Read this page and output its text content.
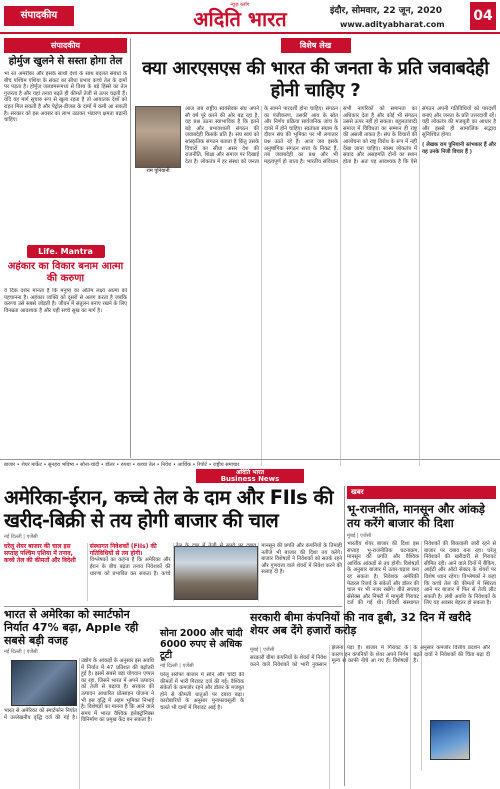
संपादकीय
न्यूज़ ब्लॉग
अदिति भारत	इंदौर, सोमवार, 22 जून, 2020
www.adityabharat.com
04
संपादकीय
होर्मुज खुलने से सस्ता होगा तेल
भा रत अमरीका और इसके साथी देशों के साथ बदलते संबंधों के बीच पश्चिम एशिया के संकट का सीधा प्रभाव कच्चे तेल के दामों पर पड़ता है। होर्मुज जलडमरूमध्य से विश्व के बड़े हिस्से का तेल गुजरता है और यहां तनाव बढ़ते ही कीमतें तेजी से ऊपर चढ़ती हैं। यदि यह मार्ग सुचारु रूप से खुला रहता है तो आयातक देशों को राहत मिल सकती है और पेट्रोल-डीजल के दामों में कमी आ सकती है। सरकार को इस अवसर का लाभ उठाकर भंडारण क्षमता बढ़ानी चाहिए।
Life. Mantra
अहंकार का विकार बनाम आत्मा की करुणा
वे दिक दर्शन मानता है कि मनुष्य का अंतिम लक्ष्य आत्मा को पहचानना है। अहंकार व्यक्ति को दूसरों से अलग करता है जबकि करुणा उसे सबसे जोड़ती है। जीवन में संतुलन बनाए रखने के लिए विनम्रता आवश्यक है और यही सच्चे सुख का मार्ग है।
विशेष लेख
क्या आरएसएस की भारत की जनता के प्रति जवाबदेही होनी चाहिए ?
राम पुनियानी
आज जब राष्ट्रीय स्वयंसेवक संघ अपने सौ वर्ष पूरे करने की ओर बढ़ रहा है, यह प्रश्न उठना स्वाभाविक है कि इतने बड़े और प्रभावशाली संगठन की जवाबदेही किसके प्रति है। संघ स्वयं को सांस्कृतिक संगठन बताता है किंतु उसके विचारों का सीधा असर देश की राजनीति, शिक्षा और समाज पर दिखाई देता है। लोकतंत्र में हर संस्था को जनता के सामने पारदर्शी होना चाहिए। संगठन का पंजीकरण, उसकी आय के स्रोत और निर्णय प्रक्रिया सार्वजनिक जांच के दायरे में होने चाहिए। स्वतंत्रता संग्राम के दौरान संघ की भूमिका पर भी लगातार प्रश्न उठते रहे हैं। आज जब इसके अनुषांगिक संगठन सत्ता के निकट हैं, तब जवाबदेही का प्रश्न और भी महत्वपूर्ण हो जाता है। भारतीय संविधान सभी नागरिकों को समानता का अधिकार देता है और कोई भी संगठन उससे ऊपर नहीं हो सकता। बहुलतावादी समाज में विविधता का सम्मान ही राष्ट्र की असली ताकत है। संघ के विचारों की आलोचना को राष्ट्र विरोध के रूप में नहीं देखा जाना चाहिए। स्वस्थ लोकतंत्र में संवाद और असहमति दोनों का स्थान होता है। अतः यह आवश्यक है कि ऐसे संगठन अपनी गतिविधियों को पारदर्शी बनाएं और जनता के प्रति उत्तरदायी रहें। यही लोकतंत्र की मजबूती का आधार है और इससे ही सामाजिक सद्भाव सुनिश्चित होगा।
( लेखक राम पुनियानी स्तंभकार हैं और यह उनके निजी विचार हैं )
बाजार • शेयर मार्केट • सुनहरा भविष्य • सोना-चांदी • डॉलर • रुपया • कच्चा तेल • निवेश • आर्थिक • रिपोर्ट • राष्ट्रीय समाचार
अदिति भारत
Business News
अमेरिका-ईरान, कच्चे तेल के दाम और FIIs की खरीद-बिक्री से तय होगी बाजार की चाल
नई दिल्ली | एजेंसी
घरेलू शेयर बाजार की चाल इस सप्ताह पश्चिम एशिया में तनाव, कच्चे तेल की कीमतों और विदेशी संस्थागत निवेशकों (FIIs) की गतिविधियों से तय होगी।
विश्लेषकों का कहना है कि अमेरिका और ईरान के बीच बढ़ता तनाव निवेशकों की धारणा को प्रभावित कर सकता है। कच्चे मानसून की प्रगति और कंपनियों के तिमाही नतीजे भी बाजार की दिशा तय करेंगे। बाजार विशेषज्ञों ने निवेशकों को सतर्क रहने और गुणवत्ता वाले शेयरों में निवेश करने की सलाह दी है।
खबर
भू-राजनीति, मानसून और आंकड़े तय करेंगे बाजार की दिशा
मुंबई | एजेंसी
भारतीय शेयर बाजार की दिशा इस सप्ताह भू-राजनीतिक घटनाक्रम, मानसून की प्रगति और वैश्विक आर्थिक आंकड़ों से तय होगी। विशेषज्ञों के अनुसार बाजार में उतार-चढ़ाव बना रह सकता है। निवेशक अमेरिकी फेडरल रिजर्व के संकेतों और डॉलर की चाल पर भी नजर रखेंगे। बीते सप्ताह सेंसेक्स और निफ्टी में मामूली गिरावट दर्ज की गई थी। विदेशी संस्थागत निवेशकों की बिकवाली जारी रहने से बाजार पर दबाव बना रहा। घरेलू निवेशकों की खरीदारी से गिरावट सीमित रही। आने वाले दिनों में बैंकिंग, आईटी और ऑटो सेक्टर के शेयरों पर विशेष ध्यान रहेगा। विश्लेषकों ने कहा कि कच्चे तेल की कीमतों में स्थिरता आने पर बाजार में फिर से तेजी लौट सकती है। लंबी अवधि के निवेशकों के लिए यह अवसर बेहतर हो सकता है।
भारत से अमेरिका को स्मार्टफोन निर्यात 47% बढ़ा, Apple रही सबसे बड़ी वजह
नई दिल्ली | एजेंसी
भारत से अमेरिका को स्मार्टफोन निर्यात में उल्लेखनीय वृद्धि दर्ज की गई है। उद्योग के आंकड़ों के अनुसार इस अवधि में निर्यात में 47 प्रतिशत की बढ़ोतरी हुई है। इसमें सबसे बड़ा योगदान एप्पल का रहा, जिसने भारत में अपने उत्पादन को तेजी से बढ़ाया है। सरकार की उत्पादन आधारित प्रोत्साहन योजना ने भी इस वृद्धि में अहम भूमिका निभाई है। विशेषज्ञों का मानना है कि आने वाले समय में भारत वैश्विक इलेक्ट्रॉनिक्स विनिर्माण का प्रमुख केंद्र बन सकता है।
सोना 2000 और चांदी 6000 रुपए से अधिक टूटी
नई दिल्ली | एजेंसी
घरेलू सर्राफा बाजार में सोने और चांदी की कीमतों में भारी गिरावट दर्ज की गई। वैश्विक संकेतों के कमजोर रहने और डॉलर के मजबूत होने से कीमती धातुओं पर दबाव बढ़ा। कारोबारियों के अनुसार मुनाफावसूली के चलते भी दामों में गिरावट आई है।
सरकारी बीमा कंपनियों की नाव डूबी, 32 दिन में खरीदे शेयर अब देंगे हजारों करोड़
मुंबई | एजेंसी
सरकारी बीमा कंपनियों के शेयरों में निवेश करने वाले निवेशकों को भारी नुकसान झेलना पड़ा है। बाजार में गिरावट के कारण इन कंपनियों के शेयर अपने निर्गम मूल्य से काफी नीचे आ गए हैं। विशेषज्ञों के अनुसार कमजोर वित्तीय प्रदर्शन और बढ़ते दावों ने निवेशकों की चिंता बढ़ा दी है।
